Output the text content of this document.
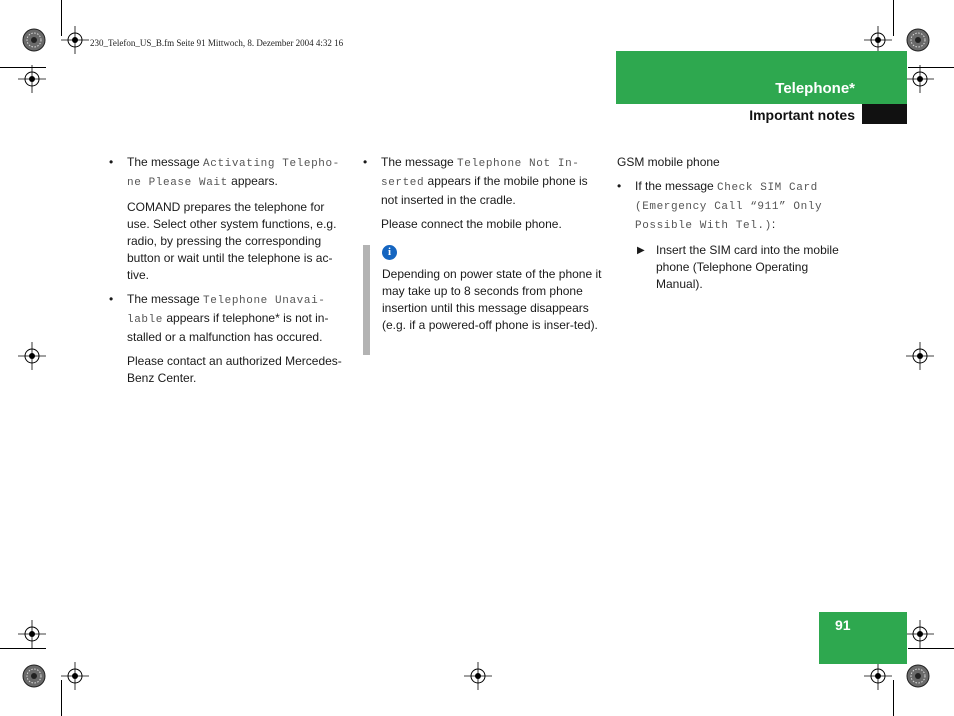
230_Telefon_US_B.fm Seite 91 Mittwoch, 8. Dezember 2004 4:32 16
Telephone*
Important notes

• The message Activating Telepho-
ne Please Wait appears.

COMAND prepares the telephone for use. Select other system functions, e.g. radio, by pressing the corresponding button or wait until the telephone is ac-tive.

• The message Telephone Unavai-
lable appears if telephone* is not in-stalled or a malfunction has occured.

Please contact an authorized Mercedes-Benz Center.

• The message Telephone Not In-
serted appears if the mobile phone is not inserted in the cradle.

Please connect the mobile phone.

i
Depending on power state of the phone it may take up to 8 seconds from phone insertion until this message disappears (e.g. if a powered-off phone is inser-ted).

GSM mobile phone

• If the message Check SIM Card
(Emergency Call “911” Only
Possible With Tel.):

▶ Insert the SIM card into the mobile phone (Telephone Operating Manual).

91
